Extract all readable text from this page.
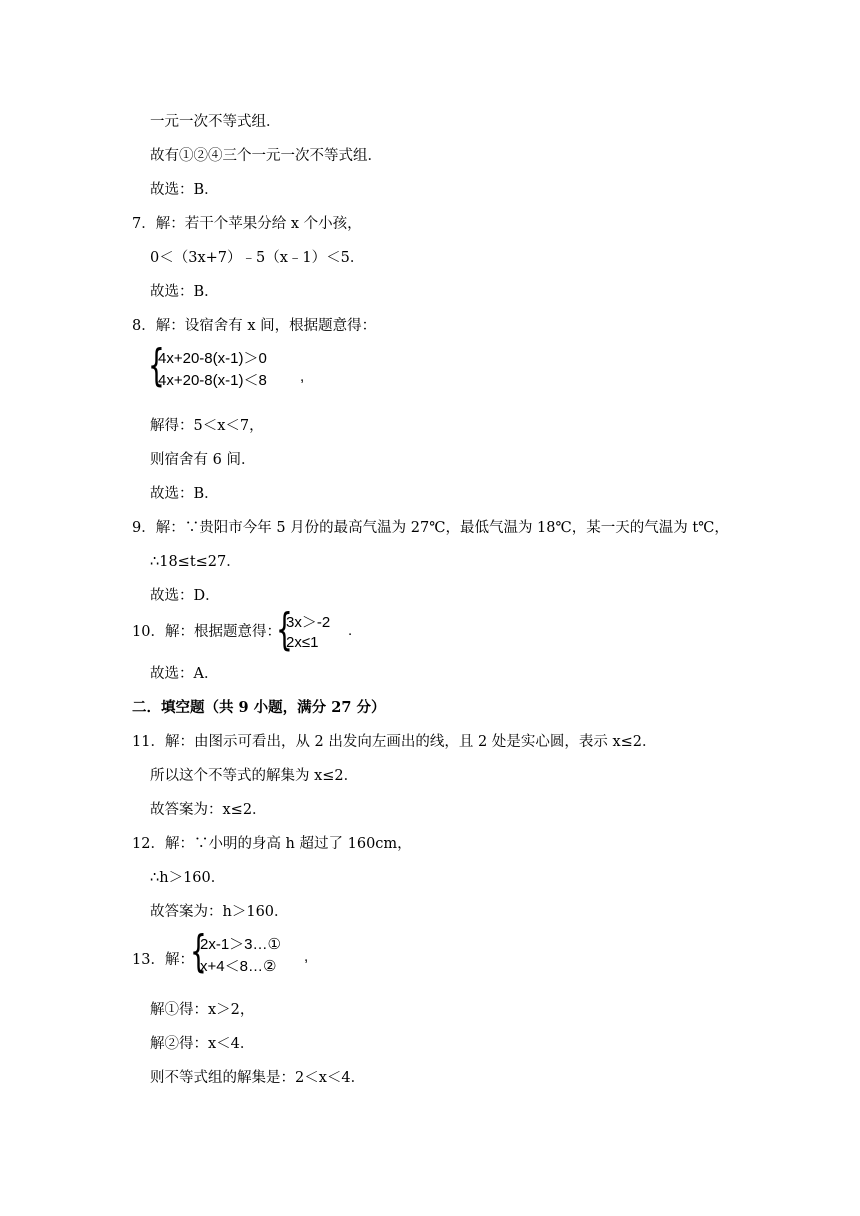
一元一次不等式组．
故有①②④三个一元一次不等式组．
故选：B．
7．解：若干个苹果分给 x 个小孩，
0＜（3x+7）﹣5（x﹣1）＜5．
故选：B．
8．解：设宿舍有 x 间，根据题意得：
{
4x+20-8(x-1)＞0
4x+20-8(x-1)＜8 ,
解得：5＜x＜7，
则宿舍有 6 间．
故选：B．
9．解：∵贵阳市今年 5 月份的最高气温为 27℃，最低气温为 18℃，某一天的气温为 t℃，
∴18≤t≤27．
故选：D．
10．解：根据题意得：
{
3x＞-2
2x≤1
.
故选：A．
二．填空题（共 9 小题，满分 27 分）
11．解：由图示可看出，从 2 出发向左画出的线，且 2 处是实心圆，表示 x≤2．
所以这个不等式的解集为 x≤2．
故答案为：x≤2．
12．解：∵小明的身高 h 超过了 160cm，
∴h＞160．
故答案为：h＞160．
13．解：
{
2x-1＞3…①
x+4＜8…②
,
解①得：x＞2，
解②得：x＜4．
则不等式组的解集是：2＜x＜4．
